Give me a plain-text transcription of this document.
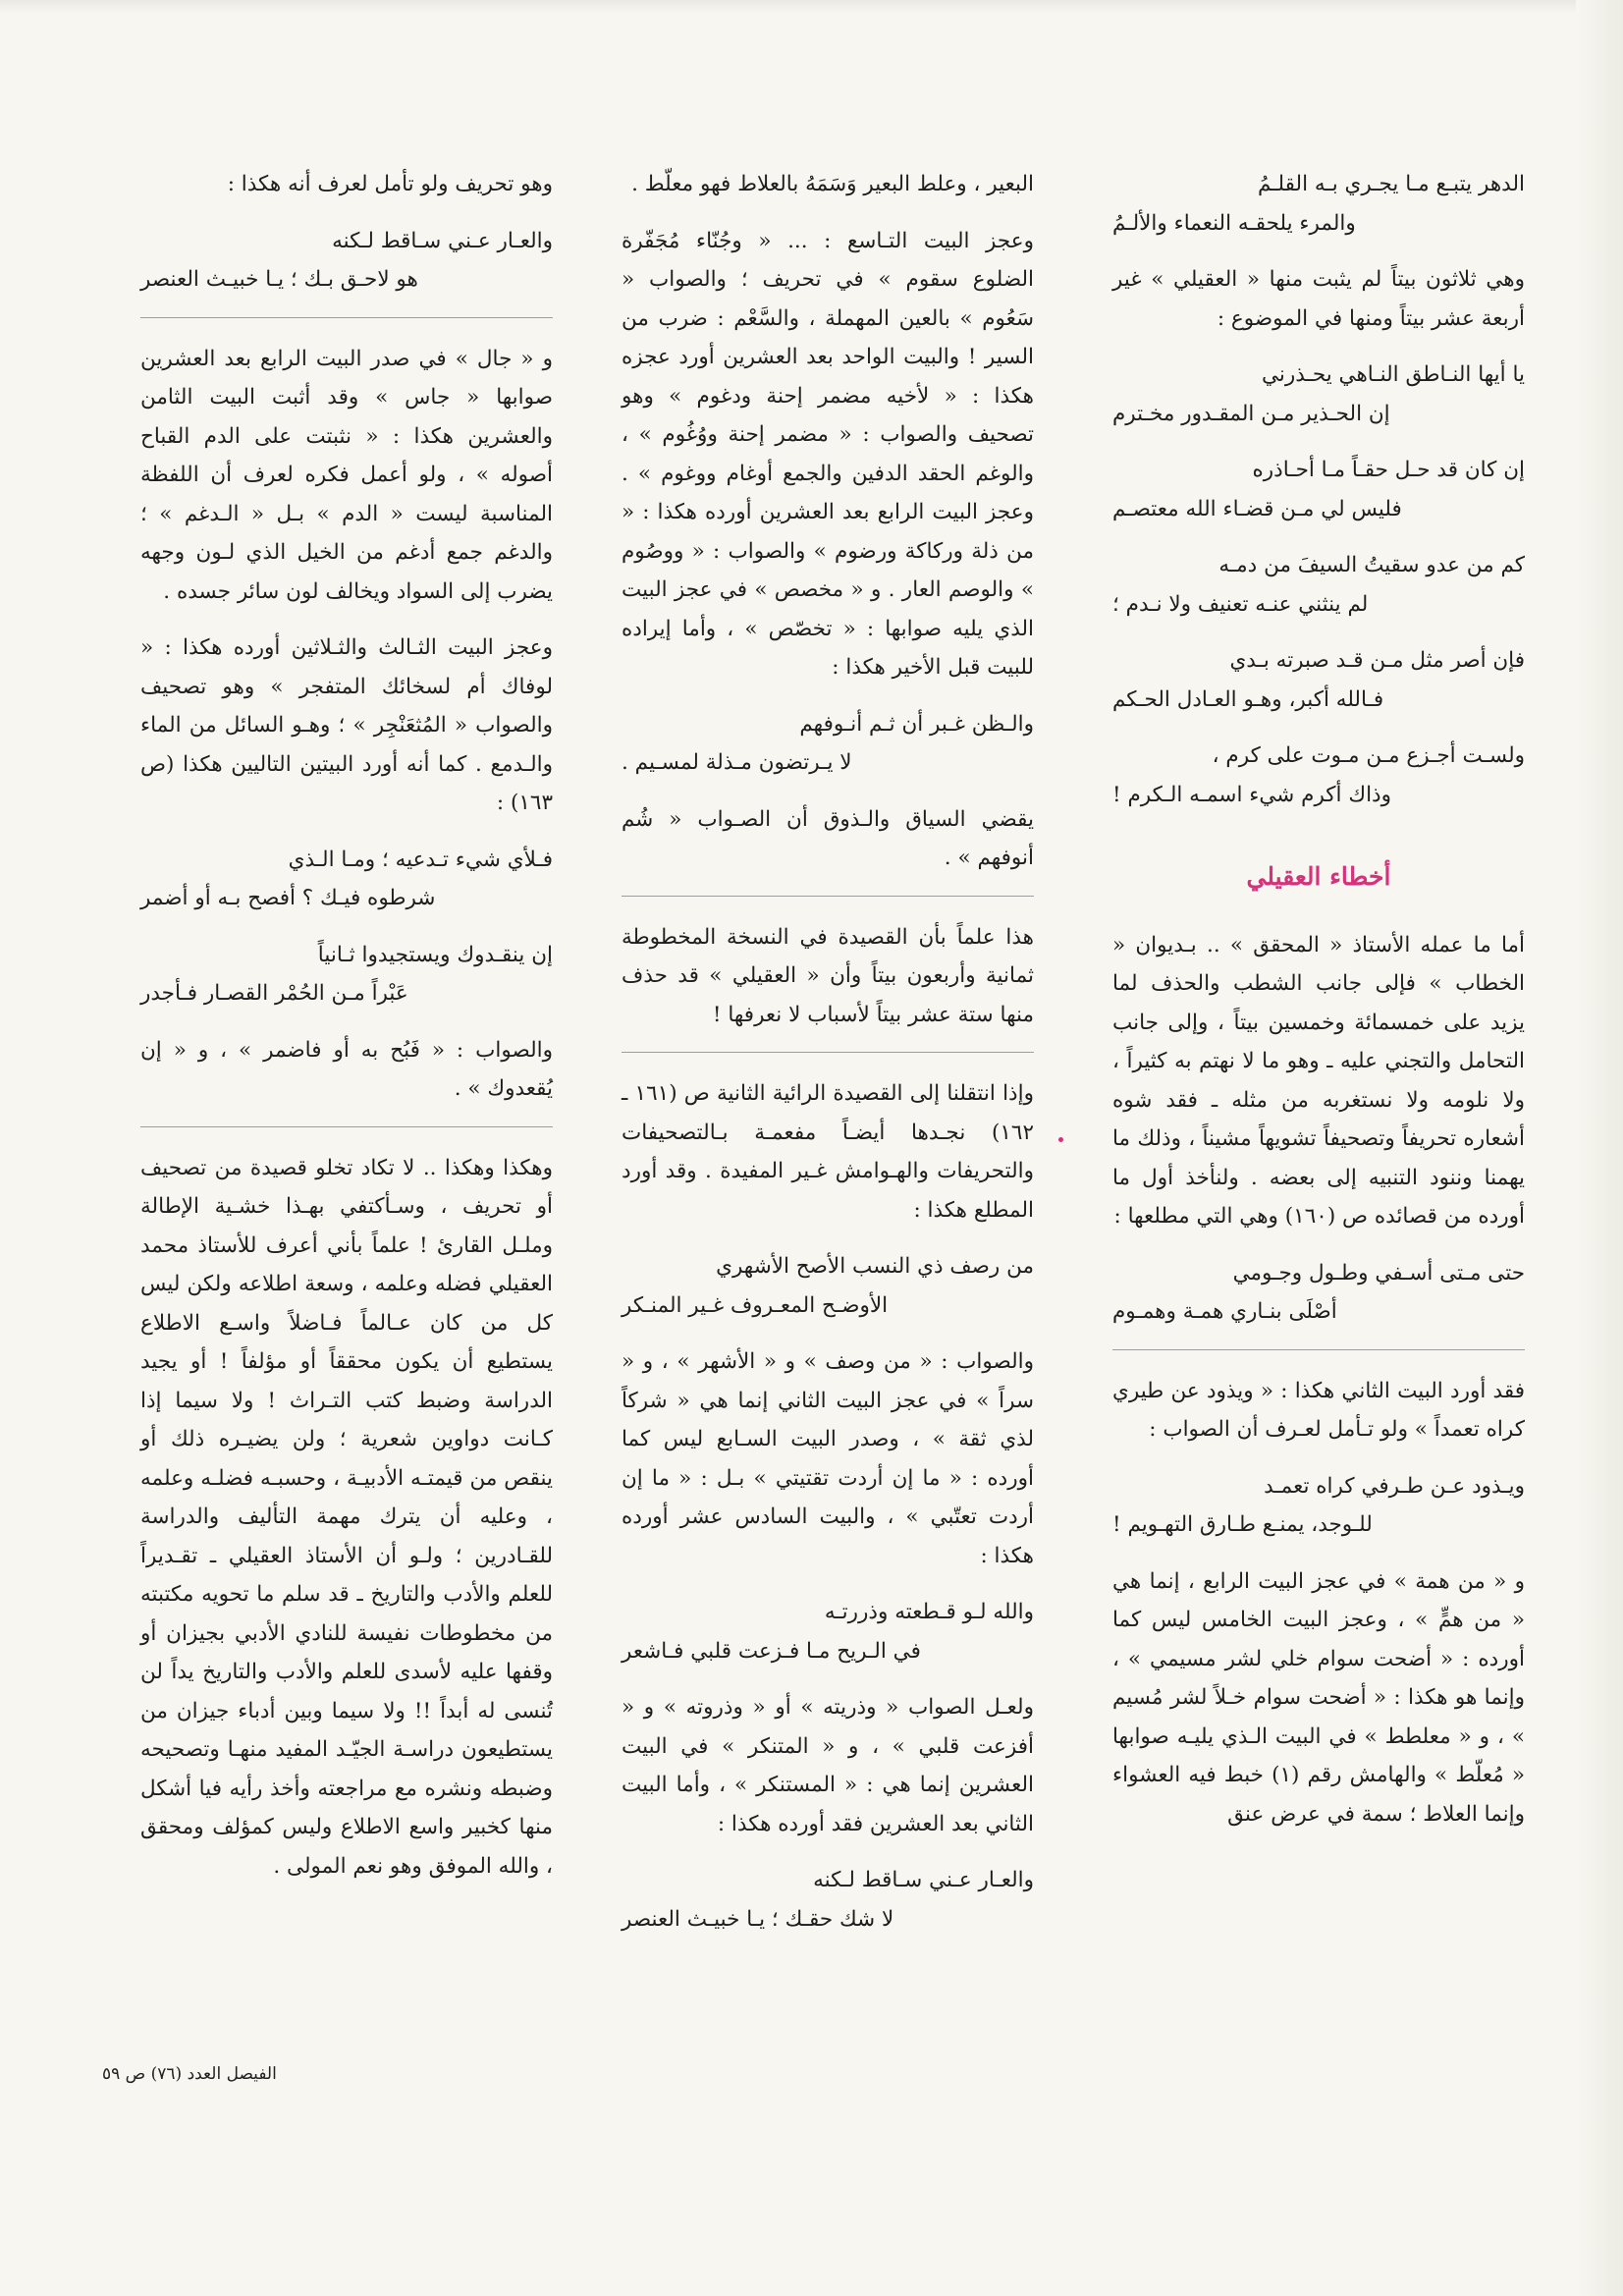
الدهر يتبـع مـا يجـري بـه القلـمُ
والمرء يلحقـه النعماء والألـمُ

وهي ثلاثون بيتاً لم يثبت منها « العقيلي » غير أربعة عشر بيتاً ومنها في الموضوع :

يا أيها النـاطق النـاهي يحـذرني
إن الحـذير مـن المقـدور مخـترم
إن كان قد حـل حقـاً مـا أحـاذره
فليس لي مـن قضـاء الله معتصـم
كم من عدو سقيتُ السيفَ من دمـه
لم ينثني عنـه تعنيف ولا نـدم ؛
فإن أصر مثل مـن قـد صبرته بـدي
فـالله أكبر، وهـو العـادل الحـكم
ولسـت أجـزع مـن مـوت على كرم ،
وذاك أكرم شيء اسمـه الـكرم !
أخطاء العقيلي

أما ما عمله الأستاذ « المحقق » .. بـديوان « الخطاب » فإلى جانب الشطب والحذف لما يزيد على خمسمائة وخمسين بيتاً ، وإلى جانب التحامل والتجني عليه ـ وهو ما لا نهتم به كثيراً ، ولا نلومه ولا نستغربه من مثله ـ فقد شوه أشعاره تحريفاً وتصحيفاً تشويهاً مشيناً ، وذلك ما يهمنا وننود التنبيه إلى بعضه . ولنأخذ أول ما أورده من قصائده ص (١٦٠) وهي التي مطلعها :

حتى مـتى أسـفي وطـول وجـومي
أصْلَى بنـاري همـة وهمـوم

فقد أورد البيت الثاني هكذا : « ويذود عن طيري كراه تعمداً » ولو تـأمل لعـرف أن الصواب :

ويـذود عـن طـرفي كراه تعمـد
للـوجد، يمنـع طـارق التهـويم !

و « من همة » في عجز البيت الرابع ، إنما هي « من همٍّ » ، وعجز البيت الخامس ليس كما أورده : « أضحت سوام خلي لشر مسيمي » ، وإنما هو هكذا : « أضحت سوام خـلاً لشر مُسيم » ، و « معلطط » في البيت الـذي يليـه صوابها « مُعلّط » والهامش رقم (١) خبط فيه العشواء وإنما العلاط ؛ سمة في عرض عنق

البعير ، وعلط البعير وَسَمَهُ بالعلاط فهو معلّط .

وعجز البيت التـاسع : ... « وجُنّاء مُجَفّرة الضلوع سقوم » في تحريف ؛ والصواب « سَعُوم » بالعين المهملة ، والسَّعْم : ضرب من السير ! والبيت الواحد بعد العشرين أورد عجزه هكذا : « لأخيه مضمر إحنة ودغوم » وهو تصحيف والصواب : « مضمر إحنة ووُغُوم » ، والوغم الحقد الدفين والجمع أوغام ووغوم » . وعجز البيت الرابع بعد العشرين أورده هكذا : « من ذلة وركاكة ورضوم » والصواب : « ووصُوم » والوصم العار . و « مخصص » في عجز البيت الذي يليه صوابها : « تخصّص » ، وأما إيراده للبيت قبل الأخير هكذا :

والـظن غـبر أن ثـم أنـوفهم
لا يـرتضون مـذلة لمسـيم .

يقضي السياق والـذوق أن الصـواب « شُم أنوفهم » .

هذا علماً بأن القصيدة في النسخة المخطوطة ثمانية وأربعون بيتاً وأن « العقيلي » قد حذف منها ستة عشر بيتاً لأسباب لا نعرفها !

وإذا انتقلنا إلى القصيدة الرائية الثانية ص (١٦١ ـ ١٦٢) نجـدها أيضـاً مفعمـة بـالتصحيفات والتحريفات والهـوامش غـير المفيدة . وقد أورد المطلع هكذا :

من رصف ذي النسب الأصح الأشهري
الأوضـح المعـروف غـير المنـكر

والصواب : « من وصف » و « الأشهر » ، و « سراً » في عجز البيت الثاني إنما هي « شركاً لذي ثقة » ، وصدر البيت السـابع ليس كما أورده : « ما إن أردت تقتيتي » بـل : « ما إن أردت تعتّبي » ، والبيت السادس عشر أورده هكذا :

والله لـو قـطعته وذررتـه
في الـريح مـا فـزعت قلبي فـاشعر

ولعـل الصواب « وذريته » أو « وذروته » و « أفزعت قلبي » ، و « المتنكر » في البيت العشرين إنما هي : « المستنكر » ، وأما البيت الثاني بعد العشرين فقد أورده هكذا :

والعـار عـني سـاقط لـكنه
لا شك حقـك ؛ يـا خبيـث العنصر

وهو تحريف ولو تأمل لعرف أنه هكذا :

والعـار عـني سـاقط لـكنه
هو لاحـق بـك ؛ يـا خبيـث العنصر

و « جال » في صدر البيت الرابع بعد العشرين صوابها « جاس » وقد أثبت البيت الثامن والعشرين هكذا : « نثبتت على الدم القباح أصوله » ، ولو أعمل فكره لعرف أن اللفظة المناسبة ليست « الدم » بـل « الـدغم » ؛ والدغم جمع أدغم من الخيل الذي لـون وجهه يضرب إلى السواد ويخالف لون سائر جسده .

وعجز البيت الثـالث والثـلاثين أورده هكذا : « لوفاك أم لسخائك المتفجر » وهو تصحيف والصواب « المُثعَنْجِر » ؛ وهـو السائل من الماء والـدمع . كما أنه أورد البيتين التاليين هكذا (ص ١٦٣) :

فـلأي شيء تـدعيه ؛ ومـا الـذي
شرطوه فيـك ؟ أفصح بـه أو أضمر
إن ينقـدوك ويستجيدوا ثـانياً
عَبْراً مـن الحُمْر القصـار فـأجدر

والصواب : « فَبُح به أو فاضمر » ، و « إن يُقعدوك » .

وهكذا وهكذا .. لا تكاد تخلو قصيدة من تصحيف أو تحريف ، وسـأكتفي بهـذا خشـية الإطالة وملـل القارئ ! علماً بأني أعرف للأستاذ محمد العقيلي فضله وعلمه ، وسعة اطلاعه ولكن ليس كل من كان عـالماً فـاضلاً واسـع الاطلاع يستطيع أن يكون محققاً أو مؤلفاً ! أو يجيد الدراسة وضبط كتب التـراث ! ولا سيما إذا كـانت دواوين شعرية ؛ ولن يضيـره ذلك أو ينقص من قيمتـه الأدبيـة ، وحسبـه فضلـه وعلمه ، وعليه أن يترك مهمة التأليف والدراسة للقـادرين ؛ ولـو أن الأستاذ العقيلي ـ تقـديراً للعلم والأدب والتاريخ ـ قد سلم ما تحويه مكتبته من مخطوطات نفيسة للنادي الأدبي بجيزان أو وقفها عليه لأسدى للعلم والأدب والتاريخ يداً لن تُنسى له أبداً !! ولا سيما وبين أدباء جيزان من يستطيعون دراسـة الجيّـد المفيد منهـا وتصحيحه وضبطه ونشره مع مراجعته وأخذ رأيه فيا أشكل منها كخبير واسع الاطلاع وليس كمؤلف ومحقق ، والله الموفق وهو نعم المولى .

الفيصل العدد (٧٦) ص ٥٩
